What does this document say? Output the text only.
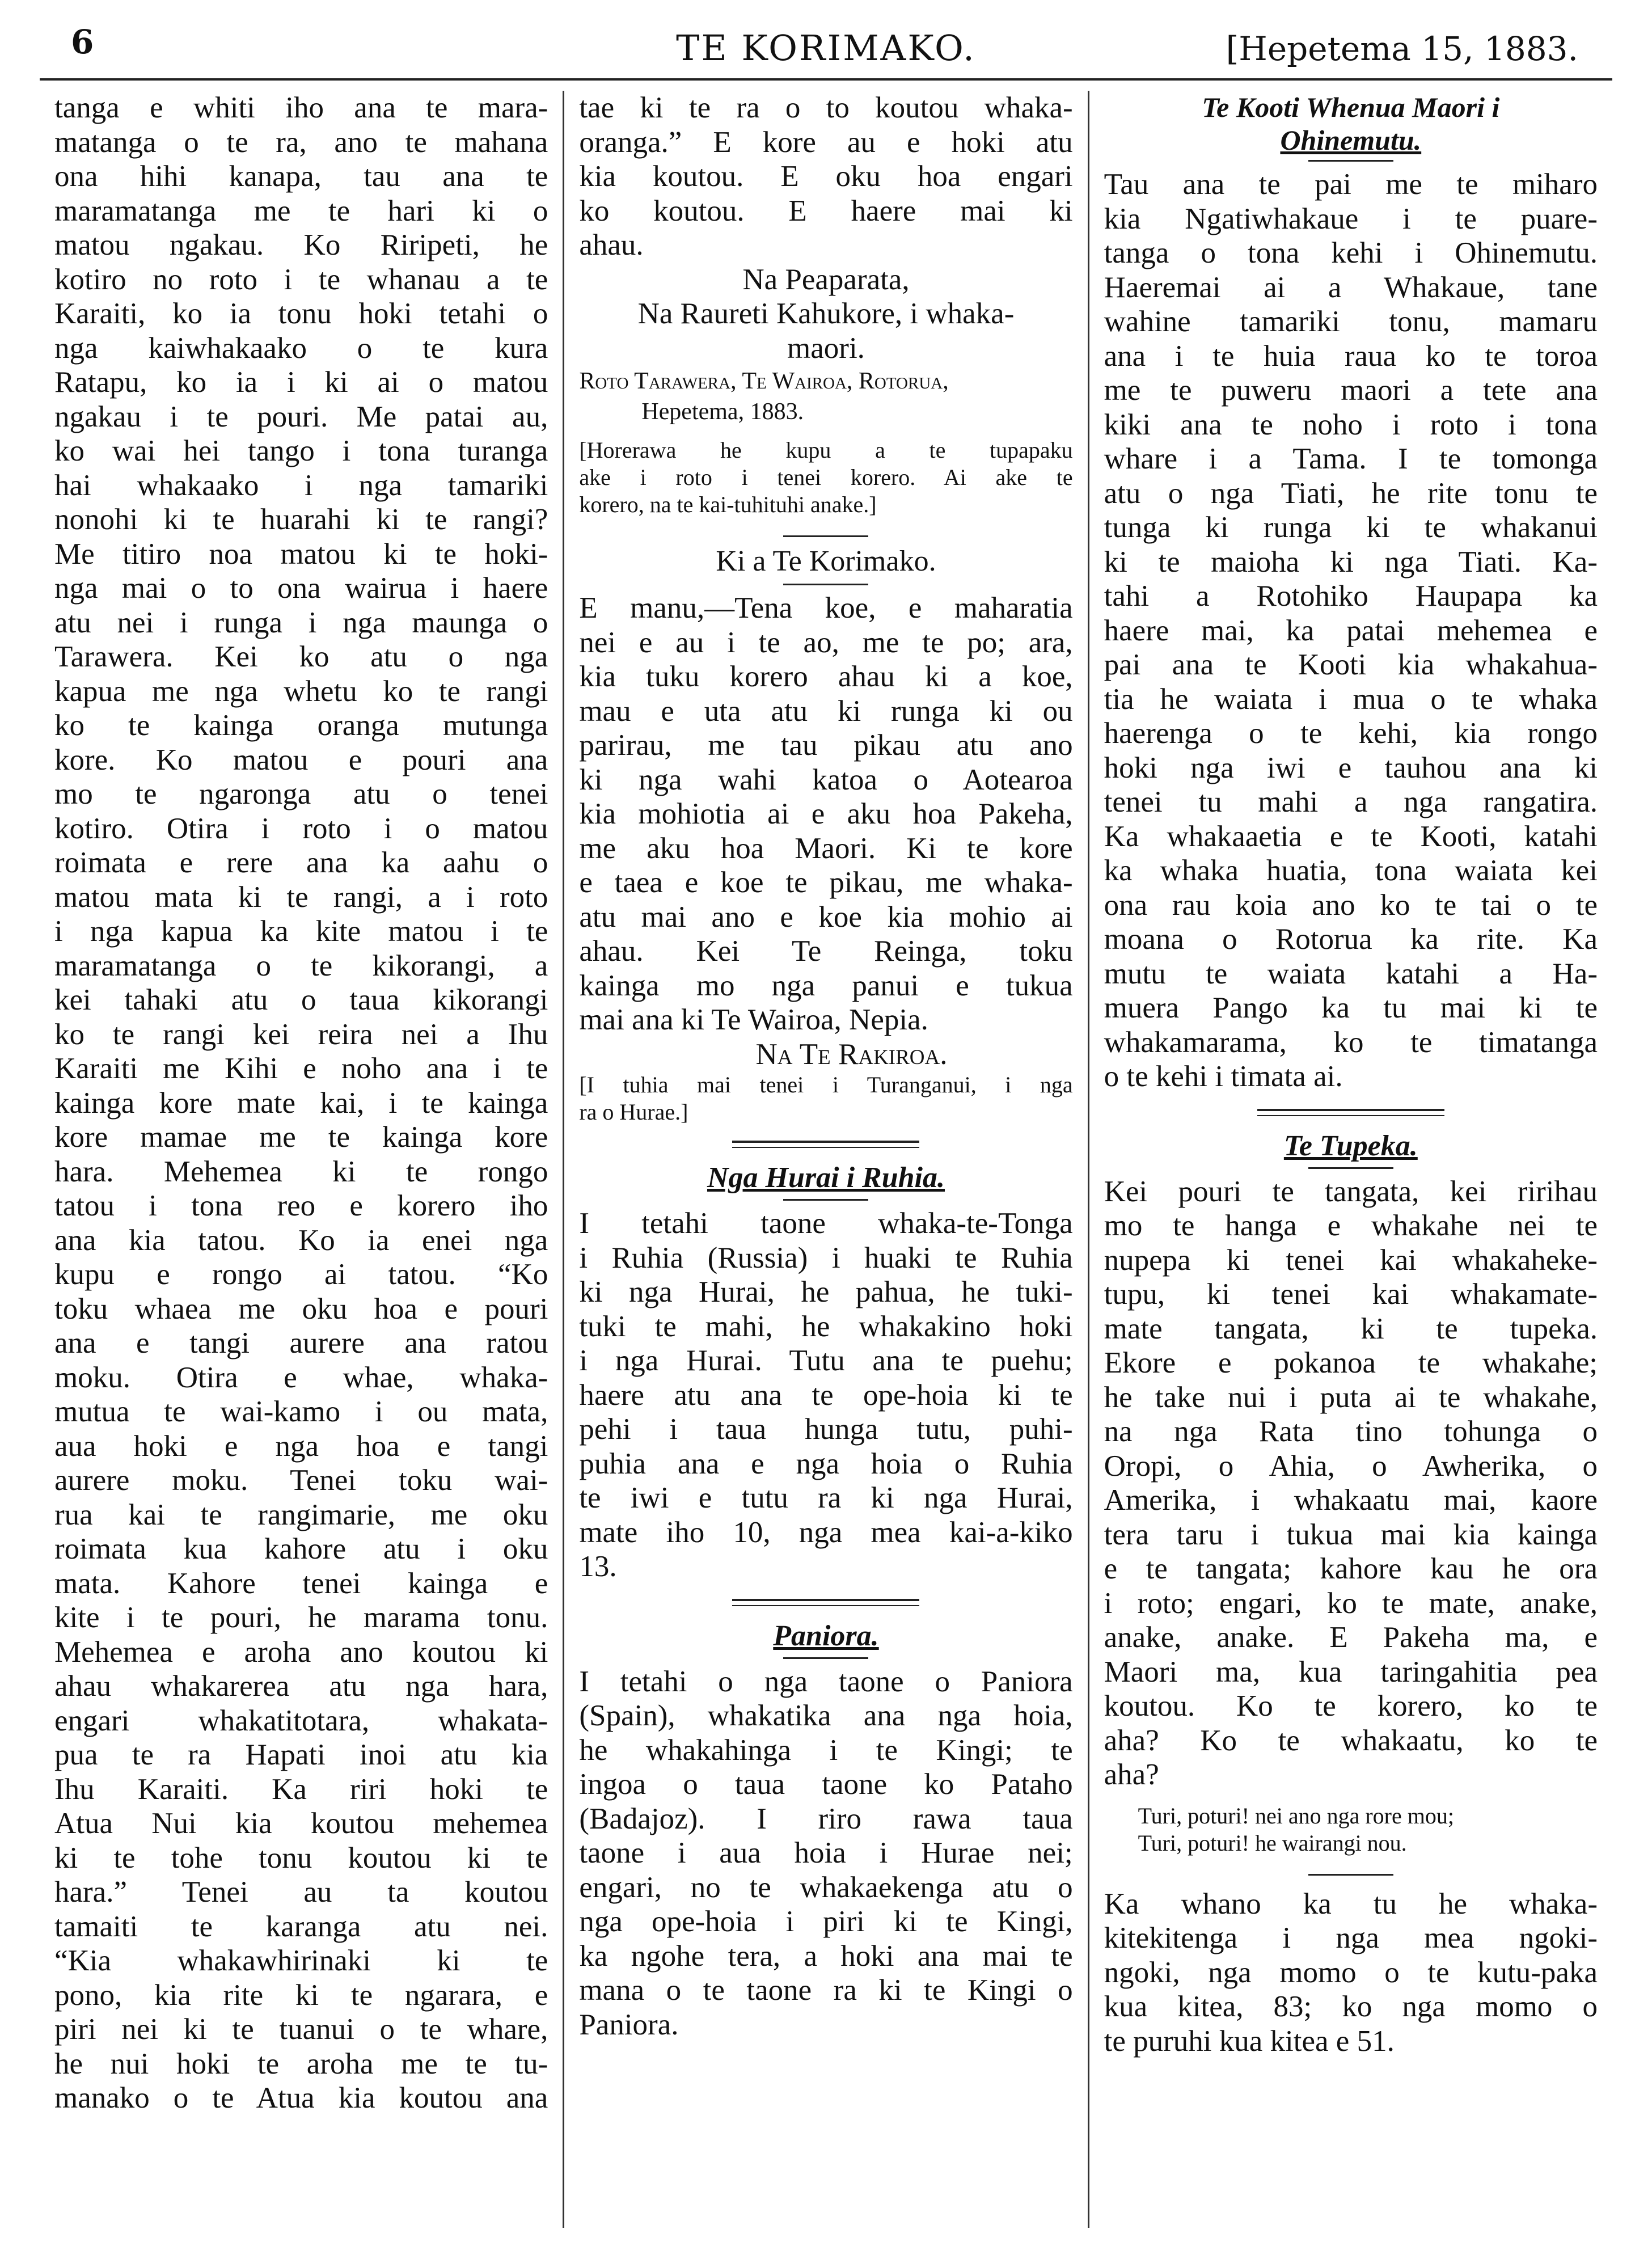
6	TE KORIMAKO.	[Hepetema 15, 1883.
tanga e whiti iho ana te mara-
matanga o te ra, ano te mahana
ona hihi kanapa, tau ana te
maramatanga me te hari ki o
matou ngakau. Ko Riripeti, he
kotiro no roto i te whanau a te
Karaiti, ko ia tonu hoki tetahi o
nga kaiwhakaako o te kura
Ratapu, ko ia i ki ai o matou
ngakau i te pouri. Me patai au,
ko wai hei tango i tona turanga
hai whakaako i nga tamariki
nonohi ki te huarahi ki te rangi?
Me titiro noa matou ki te hoki-
nga mai o to ona wairua i haere
atu nei i runga i nga maunga o
Tarawera. Kei ko atu o nga
kapua me nga whetu ko te rangi
ko te kainga oranga mutunga
kore. Ko matou e pouri ana
mo te ngaronga atu o tenei
kotiro. Otira i roto i o matou
roimata e rere ana ka aahu o
matou mata ki te rangi, a i roto
i nga kapua ka kite matou i te
maramatanga o te kikorangi, a
kei tahaki atu o taua kikorangi
ko te rangi kei reira nei a Ihu
Karaiti me Kihi e noho ana i te
kainga kore mate kai, i te kainga
kore mamae me te kainga kore
hara. Mehemea ki te rongo
tatou i tona reo e korero iho
ana kia tatou. Ko ia enei nga
kupu e rongo ai tatou. “Ko
toku whaea me oku hoa e pouri
ana e tangi aurere ana ratou
moku. Otira e whae, whaka-
mutua te wai-kamo i ou mata,
aua hoki e nga hoa e tangi
aurere moku. Tenei toku wai-
rua kai te rangimarie, me oku
roimata kua kahore atu i oku
mata. Kahore tenei kainga e
kite i te pouri, he marama tonu.
Mehemea e aroha ano koutou ki
ahau whakarerea atu nga hara,
engari whakatitotara, whakata-
pua te ra Hapati inoi atu kia
Ihu Karaiti. Ka riri hoki te
Atua Nui kia koutou mehemea
ki te tohe tonu koutou ki te
hara.” Tenei au ta koutou
tamaiti te karanga atu nei.
“Kia whakawhirinaki ki te
pono, kia rite ki te ngarara, e
piri nei ki te tuanui o te whare,
he nui hoki te aroha me te tu-
manako o te Atua kia koutou ana
tae ki te ra o to koutou whaka-
oranga.” E kore au e hoki atu
kia koutou. E oku hoa engari
ko koutou. E haere mai ki
ahau.
Na Peaparata,
Na Raureti Kahukore, i whaka-
maori.
Roto Tarawera, Te Wairoa, Rotorua,
Hepetema, 1883.
[Horerawa he kupu a te tupapaku
ake i roto i tenei korero. Ai ake te
korero, na te kai-tuhituhi anake.]
Ki a Te Korimako.
E manu,—Tena koe, e maharatia
nei e au i te ao, me te po; ara,
kia tuku korero ahau ki a koe,
mau e uta atu ki runga ki ou
parirau, me tau pikau atu ano
ki nga wahi katoa o Aotearoa
kia mohiotia ai e aku hoa Pakeha,
me aku hoa Maori. Ki te kore
e taea e koe te pikau, me whaka-
atu mai ano e koe kia mohio ai
ahau. Kei Te Reinga, toku
kainga mo nga panui e tukua
mai ana ki Te Wairoa, Nepia.
Na Te Rakiroa.
[I tuhia mai tenei i Turanganui, i nga
ra o Hurae.]
Nga Hurai i Ruhia.
I tetahi taone whaka-te-Tonga
i Ruhia (Russia) i huaki te Ruhia
ki nga Hurai, he pahua, he tuki-
tuki te mahi, he whakakino hoki
i nga Hurai. Tutu ana te puehu;
haere atu ana te ope-hoia ki te
pehi i taua hunga tutu, puhi-
puhia ana e nga hoia o Ruhia
te iwi e tutu ra ki nga Hurai,
mate iho 10, nga mea kai-a-kiko
13.
Paniora.
I tetahi o nga taone o Paniora
(Spain), whakatika ana nga hoia,
he whakahinga i te Kingi; te
ingoa o taua taone ko Pataho
(Badajoz). I riro rawa taua
taone i aua hoia i Hurae nei;
engari, no te whakaekenga atu o
nga ope-hoia i piri ki te Kingi,
ka ngohe tera, a hoki ana mai te
mana o te taone ra ki te Kingi o
Paniora.
Te Kooti Whenua Maori i
Ohinemutu.
Tau ana te pai me te miharo
kia Ngatiwhakaue i te puare-
tanga o tona kehi i Ohinemutu.
Haeremai ai a Whakaue, tane
wahine tamariki tonu, mamaru
ana i te huia raua ko te toroa
me te puweru maori a tete ana
kiki ana te noho i roto i tona
whare i a Tama. I te tomonga
atu o nga Tiati, he rite tonu te
tunga ki runga ki te whakanui
ki te maioha ki nga Tiati. Ka-
tahi a Rotohiko Haupapa ka
haere mai, ka patai mehemea e
pai ana te Kooti kia whakahua-
tia he waiata i mua o te whaka
haerenga o te kehi, kia rongo
hoki nga iwi e tauhou ana ki
tenei tu mahi a nga rangatira.
Ka whakaaetia e te Kooti, katahi
ka whaka huatia, tona waiata kei
ona rau koia ano ko te tai o te
moana o Rotorua ka rite. Ka
mutu te waiata katahi a Ha-
muera Pango ka tu mai ki te
whakamarama, ko te timatanga
o te kehi i timata ai.
Te Tupeka.
Kei pouri te tangata, kei ririhau
mo te hanga e whakahe nei te
nupepa ki tenei kai whakaheke-
tupu, ki tenei kai whakamate-
mate tangata, ki te tupeka.
Ekore e pokanoa te whakahe;
he take nui i puta ai te whakahe,
na nga Rata tino tohunga o
Oropi, o Ahia, o Awherika, o
Amerika, i whakaatu mai, kaore
tera taru i tukua mai kia kainga
e te tangata; kahore kau he ora
i roto; engari, ko te mate, anake,
anake, anake. E Pakeha ma, e
Maori ma, kua taringahitia pea
koutou. Ko te korero, ko te
aha? Ko te whakaatu, ko te
aha?
Turi, poturi! nei ano nga rore mou;
Turi, poturi! he wairangi nou.
Ka whano ka tu he whaka-
kitekitenga i nga mea ngoki-
ngoki, nga momo o te kutu-paka
kua kitea, 83; ko nga momo o
te puruhi kua kitea e 51.
